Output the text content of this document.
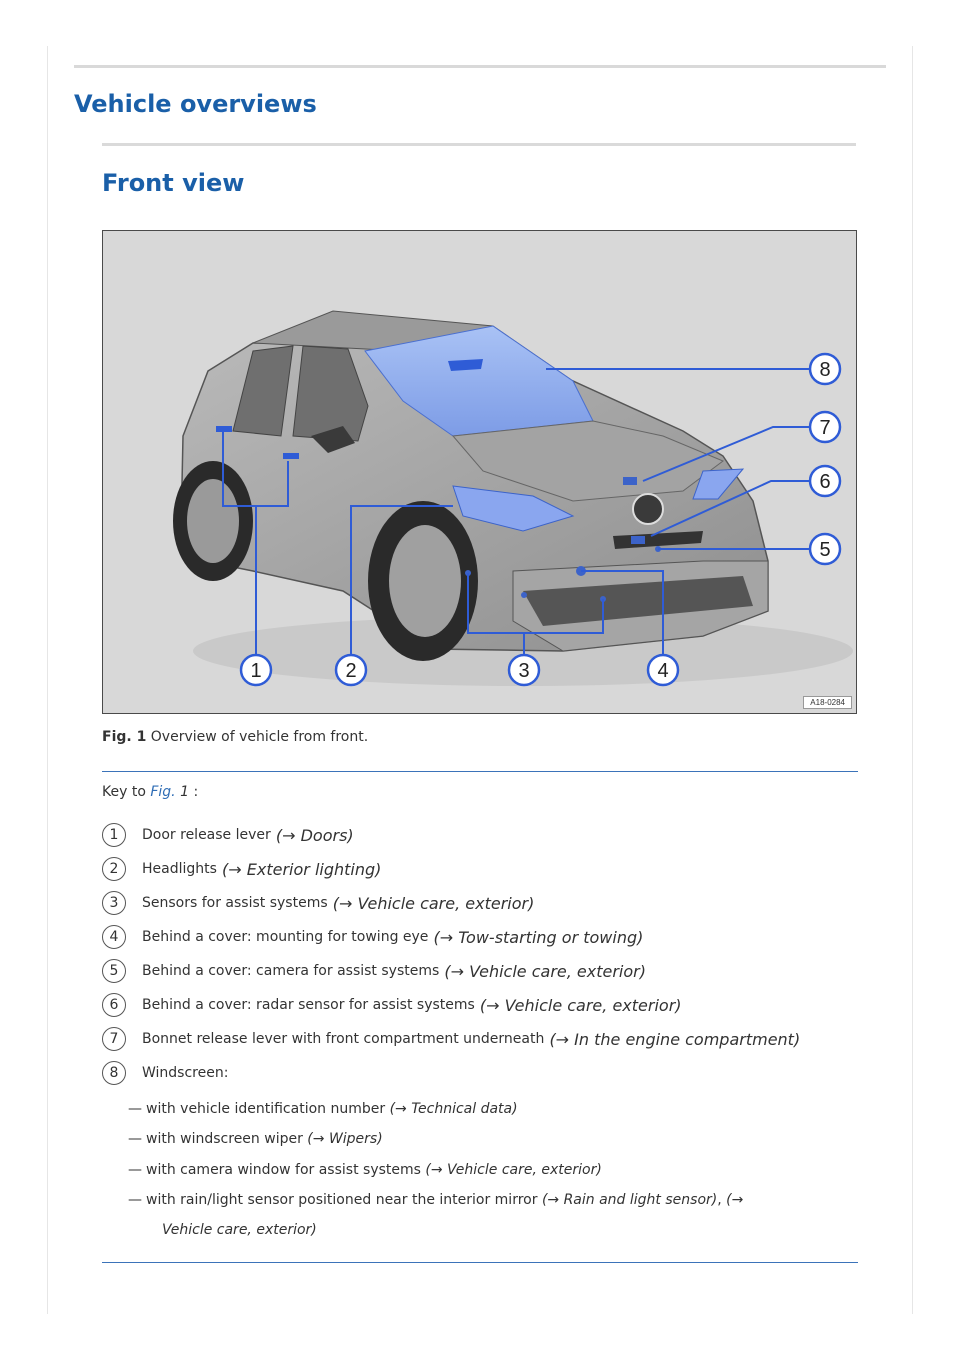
Vehicle overviews
Front view
1	2	3	4
5
6
7
8
A18-0284
Fig. 1 Overview of vehicle from front.
Key to Fig. 1 :
1	Door release lever
(→ Doors)
2	Headlights
(→ Exterior lighting)
3	Sensors for assist systems
(→ Vehicle care, exterior)
4	Behind a cover: mounting for towing eye
(→ Tow-starting or towing)
5	Behind a cover: camera for assist systems
(→ Vehicle care, exterior)
6	Behind a cover: radar sensor for assist systems
(→ Vehicle care, exterior)
7	Bonnet release lever with front compartment underneath
(→ In the engine compartment)
8	Windscreen:
— with vehicle identification number (→ Technical data)
— with windscreen wiper (→ Wipers)
— with camera window for assist systems (→ Vehicle care, exterior)
— with rain/light sensor positioned near the interior mirror (→ Rain and light sensor), (→
Vehicle care, exterior)
